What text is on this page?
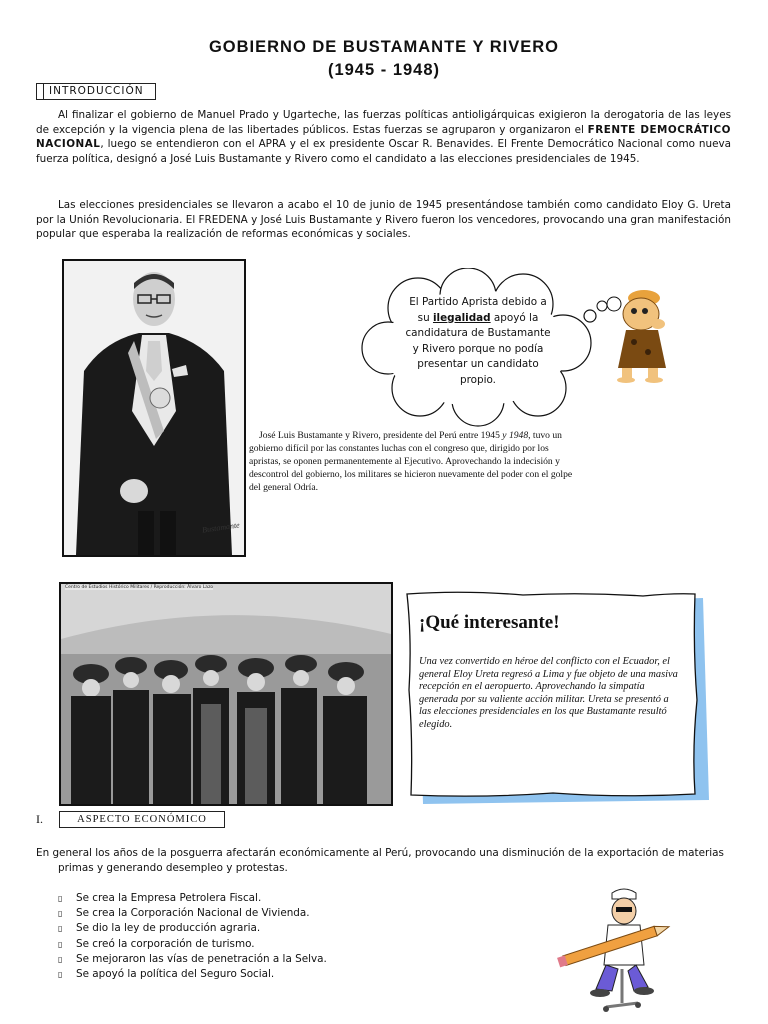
GOBIERNO DE BUSTAMANTE Y RIVERO
(1945 - 1948)
INTRODUCCIÓN
Al finalizar el gobierno de Manuel Prado y Ugarteche, las fuerzas políticas antioligárquicas exigieron la derogatoria de las leyes de excepción y la vigencia plena de las libertades públicos. Estas fuerzas se agruparon y organizaron el FRENTE DEMOCRÁTICO NACIONAL, luego se entendieron con el APRA y el ex presidente Oscar R. Benavides. El Frente Democrático Nacional como nueva fuerza política, designó a José Luis Bustamante y Rivero como el candidato a las elecciones presidenciales de 1945.
Las elecciones presidenciales se llevaron a acabo el 10 de junio de 1945 presentándose también como candidato Eloy G. Ureta por la Unión Revolucionaria. El FREDENA y José Luis Bustamante y Rivero fueron los vencedores, provocando una gran manifestación popular que esperaba la realización de reformas económicas y sociales.
Bustamante
El Partido Aprista debido a
su ilegalidad apoyó la
candidatura de Bustamante
y Rivero porque no podía
presentar un candidato
propio.
José Luis Bustamante y Rivero, presidente del Perú entre 1945 y 1948, tuvo un gobierno difícil por las constantes luchas con el congreso que, dirigido por los apristas, se oponen permanentemente al Ejecutivo. Aprovechando la indecisión y descontrol del gobierno, los militares se hicieron nuevamente del poder con el golpe del general Odría.
Centro de Estudios Histórico Militares / Reproducción: Álvaro Lazo
¡Qué interesante!
Una vez convertido en héroe del conflicto con el Ecuador, el general Eloy Ureta regresó a Lima y fue objeto de una masiva recepción en el aeropuerto. Aprovechando la simpatía generada por su valiente acción militar. Ureta se presentó a las elecciones presidenciales en los que Bustamante resultó elegido.
I.	ASPECTO ECONÓMICO
En general los años de la posguerra afectarán económicamente al Perú, provocando una disminución de la exportación de materias primas y generando desempleo y protestas.
▯ Se crea la Empresa Petrolera Fiscal.
▯ Se crea la Corporación Nacional de Vivienda.
▯ Se dio la ley de producción agraria.
▯ Se creó la corporación de turismo.
▯ Se mejoraron las vías de penetración a la Selva.
▯ Se apoyó la política del Seguro Social.
